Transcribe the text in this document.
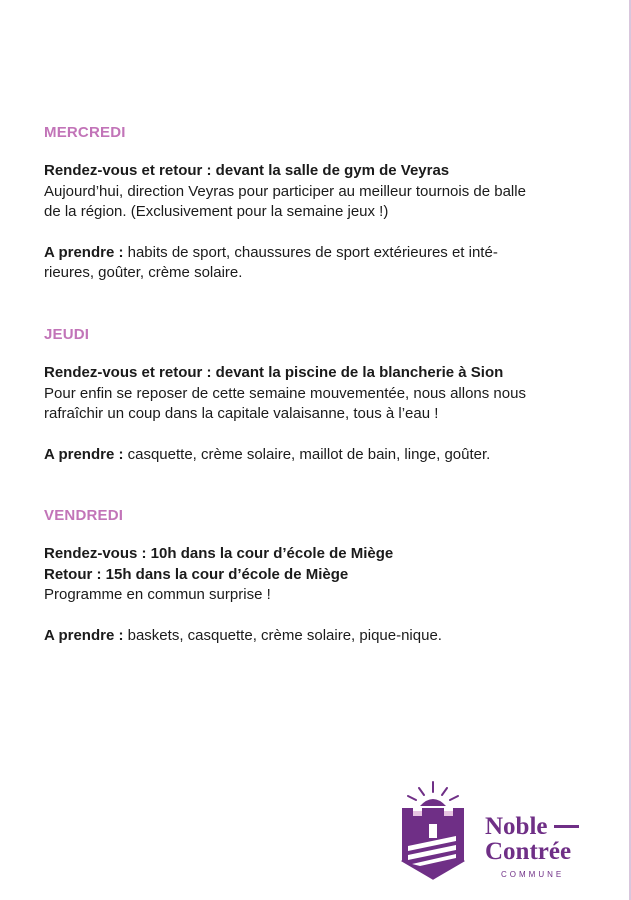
MERCREDI

Rendez-vous et retour : devant la salle de gym de Veyras

Aujourd’hui, direction Veyras pour participer au meilleur tournois de balle

de la région. (Exclusivement pour la semaine jeux !)

A prendre : habits de sport, chaussures de sport extérieures et inté-

rieures, goûter, crème solaire.

JEUDI

Rendez-vous et retour : devant la piscine de la blancherie à Sion

Pour enfin se reposer de cette semaine mouvementée, nous allons nous

rafraîchir un coup dans la capitale valaisanne, tous à l’eau !

A prendre : casquette, crème solaire, maillot de bain, linge, goûter.

VENDREDI

Rendez-vous : 10h dans la cour d’école de Miège

Retour : 15h dans la cour d’école de Miège

Programme en commun surprise !

A prendre : baskets, casquette, crème solaire, pique-nique.

Noble
Contrée
COMMUNE
